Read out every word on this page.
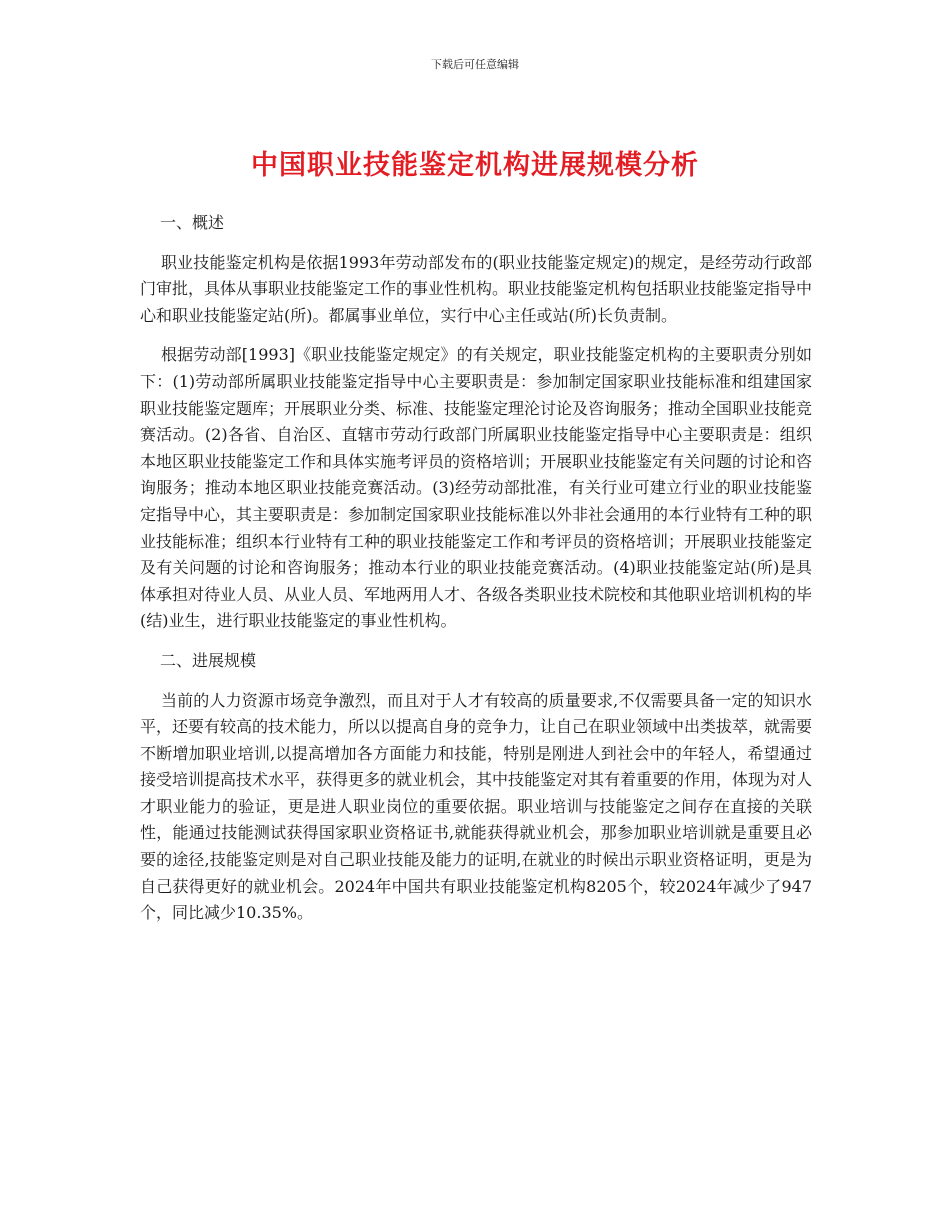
下载后可任意编辑
中国职业技能鉴定机构进展规模分析

一、概述

职业技能鉴定机构是依据1993年劳动部发布的(职业技能鉴定规定)的规定，是经劳动行政部门审批，具体从事职业技能鉴定工作的事业性机构。职业技能鉴定机构包括职业技能鉴定指导中心和职业技能鉴定站(所)。都属事业单位，实行中心主任或站(所)长负责制。

根据劳动部[1993]《职业技能鉴定规定》的有关规定，职业技能鉴定机构的主要职责分别如下：(1)劳动部所属职业技能鉴定指导中心主要职责是：参加制定国家职业技能标准和组建国家职业技能鉴定题库；开展职业分类、标准、技能鉴定理沦讨论及咨询服务；推动全国职业技能竞赛活动。(2)各省、自治区、直辖市劳动行政部门所属职业技能鉴定指导中心主要职责是：组织本地区职业技能鉴定工作和具体实施考评员的资格培训；开展职业技能鉴定有关问题的讨论和咨询服务；推动本地区职业技能竞赛活动。(3)经劳动部批准，有关行业可建立行业的职业技能鉴定指导中心，其主要职责是：参加制定国家职业技能标准以外非社会通用的本行业特有工种的职业技能标准；组织本行业特有工种的职业技能鉴定工作和考评员的资格培训；开展职业技能鉴定及有关问题的讨论和咨询服务；推动本行业的职业技能竞赛活动。(4)职业技能鉴定站(所)是具体承担对待业人员、从业人员、军地两用人才、各级各类职业技术院校和其他职业培训机构的毕(结)业生，进行职业技能鉴定的事业性机构。

二、进展规模

当前的人力资源市场竞争激烈，而且对于人才有较高的质量要求,不仅需要具备一定的知识水平，还要有较高的技术能力，所以以提高自身的竞争力，让自己在职业领域中出类拔萃，就需要不断增加职业培训,以提高增加各方面能力和技能，特别是刚进人到社会中的年轻人，希望通过接受培训提高技术水平，获得更多的就业机会，其中技能鉴定对其有着重要的作用，体现为对人才职业能力的验证，更是进人职业岗位的重要依据。职业培训与技能鉴定之间存在直接的关联性，能通过技能测试获得国家职业资格证书,就能获得就业机会，那参加职业培训就是重要且必要的途径,技能鉴定则是对自己职业技能及能力的证明,在就业的时候出示职业资格证明，更是为自己获得更好的就业机会。2024年中国共有职业技能鉴定机构8205个，较2024年减少了947个，同比减少10.35%。
